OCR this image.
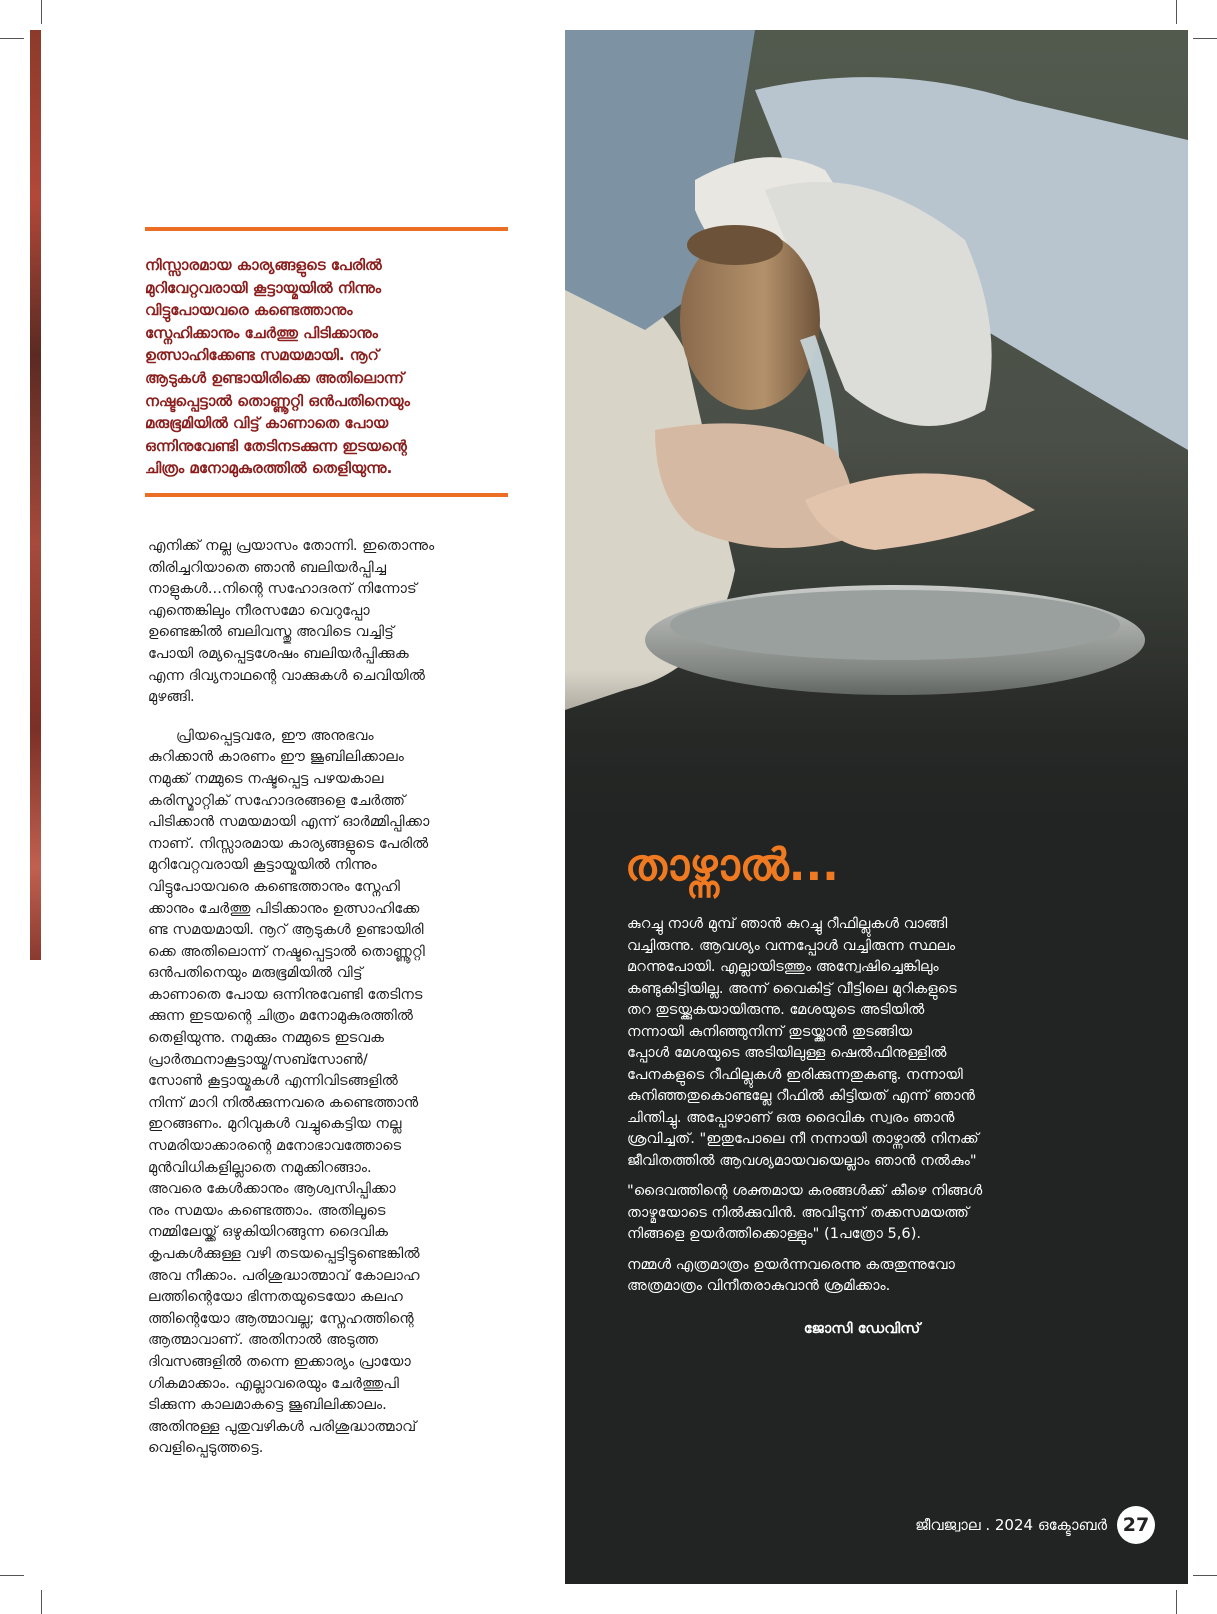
നിസ്സാരമായ കാര്യങ്ങളുടെ പേരിൽ
മുറിവേറ്റവരായി കൂട്ടായ്മയിൽ നിന്നും
വിട്ടുപോയവരെ കണ്ടെത്താനും
സ്നേഹിക്കാനും ചേർത്തു പിടിക്കാനും
ഉത്സാഹിക്കേണ്ട സമയമായി. നൂറ്
ആടുകൾ ഉണ്ടായിരിക്കെ അതിലൊന്ന്
നഷ്ടപ്പെട്ടാൽ തൊണ്ണൂറ്റി ഒൻപതിനെയും
മരുഭൂമിയിൽ വിട്ട് കാണാതെ പോയ
ഒന്നിനുവേണ്ടി തേടിനടക്കുന്ന ഇടയന്റെ
ചിത്രം മനോമുകുരത്തിൽ തെളിയുന്നു.

എനിക്ക് നല്ല പ്രയാസം തോന്നി. ഇതൊന്നും
തിരിച്ചറിയാതെ ഞാൻ ബലിയർപ്പിച്ച
നാളുകൾ...നിന്റെ സഹോദരന് നിന്നോട്
എന്തെങ്കിലും നീരസമോ വെറുപ്പോ
ഉണ്ടെങ്കിൽ ബലിവസ്തു അവിടെ വച്ചിട്ട്
പോയി രമ്യപ്പെട്ടശേഷം ബലിയർപ്പിക്കുക
എന്ന ദിവ്യനാഥന്റെ വാക്കുകൾ ചെവിയിൽ
മുഴങ്ങി.

പ്രിയപ്പെട്ടവരേ, ഈ അനുഭവം
കുറിക്കാൻ കാരണം ഈ ജൂബിലിക്കാലം
നമുക്ക് നമ്മുടെ നഷ്ടപ്പെട്ട പഴയകാല
കരിസ്മാറ്റിക് സഹോദരങ്ങളെ ചേർത്ത്
പിടിക്കാൻ സമയമായി എന്ന് ഓർമ്മിപ്പിക്കാ
നാണ്. നിസ്സാരമായ കാര്യങ്ങളുടെ പേരിൽ
മുറിവേറ്റവരായി കൂട്ടായ്മയിൽ നിന്നും
വിട്ടുപോയവരെ കണ്ടെത്താനും സ്നേഹി
ക്കാനും ചേർത്തു പിടിക്കാനും ഉത്സാഹിക്കേ
ണ്ട സമയമായി. നൂറ് ആടുകൾ ഉണ്ടായിരി
ക്കെ അതിലൊന്ന് നഷ്ടപ്പെട്ടാൽ തൊണ്ണൂറ്റി
ഒൻപതിനെയും മരുഭൂമിയിൽ വിട്ട്
കാണാതെ പോയ ഒന്നിനുവേണ്ടി തേടിനട
ക്കുന്ന ഇടയന്റെ ചിത്രം മനോമുകുരത്തിൽ
തെളിയുന്നു. നമുക്കും നമ്മുടെ ഇടവക
പ്രാർത്ഥനാകൂട്ടായ്മ/സബ്സോൺ/
സോൺ കൂട്ടായ്മകൾ എന്നിവിടങ്ങളിൽ
നിന്ന് മാറി നിൽക്കുന്നവരെ കണ്ടെത്താൻ
ഇറങ്ങണം. മുറിവുകൾ വച്ചുകെട്ടിയ നല്ല
സമരിയാക്കാരന്റെ മനോഭാവത്തോടെ
മുൻവിധികളില്ലാതെ നമുക്കിറങ്ങാം.
അവരെ കേൾക്കാനും ആശ്വസിപ്പിക്കാ
നും സമയം കണ്ടെത്താം. അതിലൂടെ
നമ്മിലേയ്ക്ക് ഒഴുകിയിറങ്ങുന്ന ദൈവിക
കൃപകൾക്കുള്ള വഴി തടയപ്പെട്ടിട്ടുണ്ടെങ്കിൽ
അവ നീക്കാം. പരിശുദ്ധാത്മാവ് കോലാഹ
ലത്തിന്റെയോ ഭിന്നതയുടെയോ കലഹ
ത്തിന്റെയോ ആത്മാവല്ല; സ്നേഹത്തിന്റെ
ആത്മാവാണ്. അതിനാൽ അടുത്ത
ദിവസങ്ങളിൽ തന്നെ ഇക്കാര്യം പ്രായോ
ഗികമാക്കാം. എല്ലാവരെയും ചേർത്തുപി
ടിക്കുന്ന കാലമാകട്ടെ ജൂബിലിക്കാലം.
അതിനുള്ള പുതുവഴികൾ പരിശുദ്ധാത്മാവ്
വെളിപ്പെടുത്തട്ടെ.

താഴ്ന്നാൽ...

കുറച്ചു നാൾ മുമ്പ് ഞാൻ കുറച്ചു റീഫില്ലുകൾ വാങ്ങി
വച്ചിരുന്നു. ആവശ്യം വന്നപ്പോൾ വച്ചിരുന്ന സ്ഥലം
മറന്നുപോയി. എല്ലായിടത്തും അന്വേഷിച്ചെങ്കിലും
കണ്ടുകിട്ടിയില്ല. അന്ന് വൈകിട്ട് വീട്ടിലെ മുറികളുടെ
തറ തുടയ്ക്കുകയായിരുന്നു. മേശയുടെ അടിയിൽ
നന്നായി കുനിഞ്ഞുനിന്ന് തുടയ്ക്കാൻ തുടങ്ങിയ
പ്പോൾ മേശയുടെ അടിയിലുള്ള ഷെൽഫിനുള്ളിൽ
പേനകളുടെ റീഫില്ലുകൾ ഇരിക്കുന്നതുകണ്ടു. നന്നായി
കുനിഞ്ഞതുകൊണ്ടല്ലേ റീഫിൽ കിട്ടിയത് എന്ന് ഞാൻ
ചിന്തിച്ചു. അപ്പോഴാണ് ഒരു ദൈവിക സ്വരം ഞാൻ
ശ്രവിച്ചത്. "ഇതുപോലെ നീ നന്നായി താഴ്ന്നാൽ നിനക്ക്
ജീവിതത്തിൽ ആവശ്യമായവയെല്ലാം ഞാൻ നൽകും"

"ദൈവത്തിന്റെ ശക്തമായ കരങ്ങൾക്ക് കീഴെ നിങ്ങൾ
താഴ്മയോടെ നിൽക്കുവിൻ. അവിടുന്ന് തക്കസമയത്ത്
നിങ്ങളെ ഉയർത്തിക്കൊള്ളും" (1പത്രോ 5,6).

നമ്മൾ എത്രമാത്രം ഉയർന്നവരെന്നു കരുതുന്നുവോ
അത്രമാത്രം വിനീതരാകുവാൻ ശ്രമിക്കാം.

ജോസി ഡേവിസ്
ജീവജ്വാല . 2024 ഒക്ടോബർ 27
